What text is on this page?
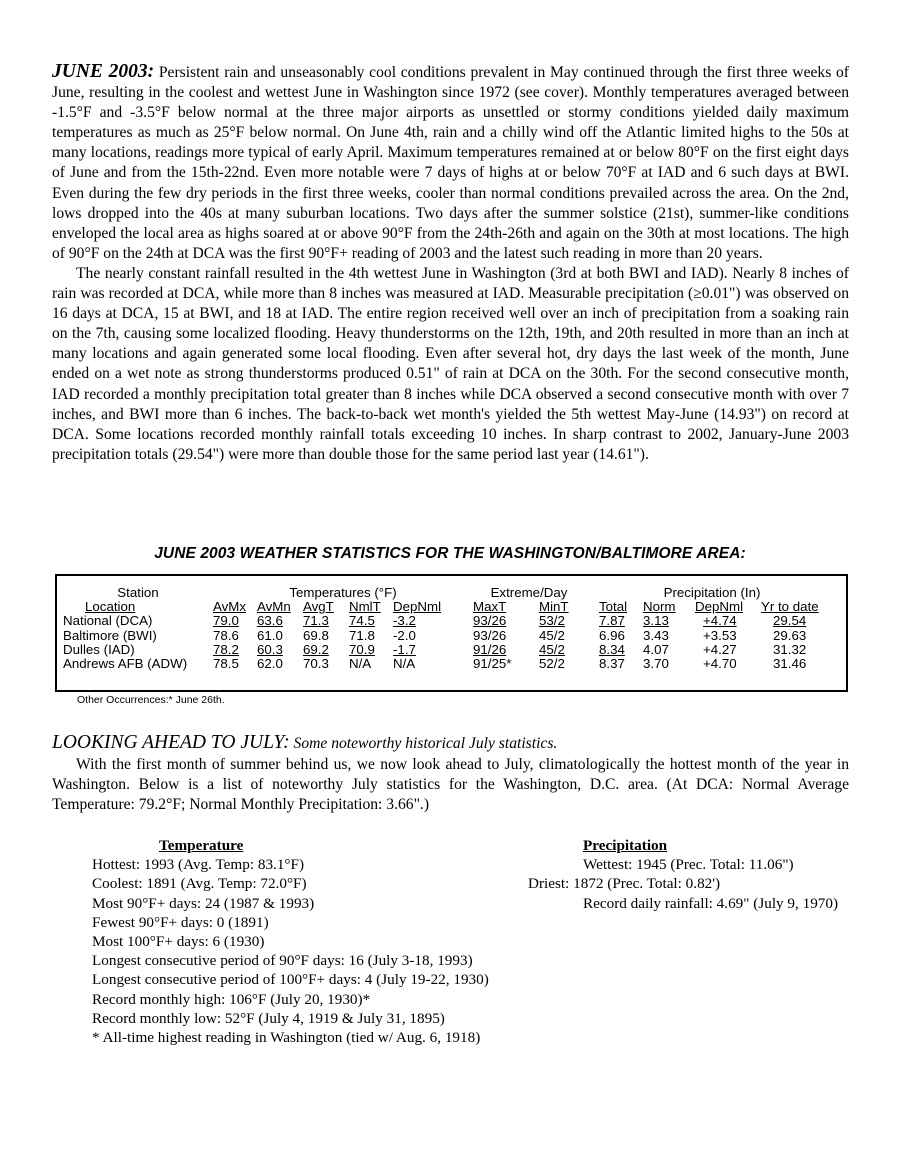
JUNE 2003: Persistent rain and unseasonably cool conditions prevalent in May continued through the first three weeks of June, resulting in the coolest and wettest June in Washington since 1972 (see cover). Monthly temperatures averaged between -1.5°F and -3.5°F below normal at the three major airports as unsettled or stormy conditions yielded daily maximum temperatures as much as 25°F below normal. On June 4th, rain and a chilly wind off the Atlantic limited highs to the 50s at many locations, readings more typical of early April. Maximum temperatures remained at or below 80°F on the first eight days of June and from the 15th-22nd. Even more notable were 7 days of highs at or below 70°F at IAD and 6 such days at BWI. Even during the few dry periods in the first three weeks, cooler than normal conditions prevailed across the area. On the 2nd, lows dropped into the 40s at many suburban locations. Two days after the summer solstice (21st), summer-like conditions enveloped the local area as highs soared at or above 90°F from the 24th-26th and again on the 30th at most locations. The high of 90°F on the 24th at DCA was the first 90°F+ reading of 2003 and the latest such reading in more than 20 years.

The nearly constant rainfall resulted in the 4th wettest June in Washington (3rd at both BWI and IAD). Nearly 8 inches of rain was recorded at DCA, while more than 8 inches was measured at IAD. Measurable precipitation (≥0.01") was observed on 16 days at DCA, 15 at BWI, and 18 at IAD. The entire region received well over an inch of precipitation from a soaking rain on the 7th, causing some localized flooding. Heavy thunderstorms on the 12th, 19th, and 20th resulted in more than an inch at many locations and again generated some local flooding. Even after several hot, dry days the last week of the month, June ended on a wet note as strong thunderstorms produced 0.51" of rain at DCA on the 30th. For the second consecutive month, IAD recorded a monthly precipitation total greater than 8 inches while DCA observed a second consecutive month with over 7 inches, and BWI more than 6 inches. The back-to-back wet month's yielded the 5th wettest May-June (14.93") on record at DCA. Some locations recorded monthly rainfall totals exceeding 10 inches. In sharp contrast to 2002, January-June 2003 precipitation totals (29.54") were more than double those for the same period last year (14.61").

JUNE 2003 WEATHER STATISTICS FOR THE WASHINGTON/BALTIMORE AREA:
Station	Temperatures (°F)					Extreme/Day		Precipitation (In)			
Location	AvMx	AvMn	AvgT	NmlT	DepNml	MaxT	MinT	Total	Norm	DepNml	Yr to date
National (DCA)	79.0	63.6	71.3	74.5	-3.2	93/26	53/2	7.87	3.13	+4.74	29.54
Baltimore (BWI)	78.6	61.0	69.8	71.8	-2.0	93/26	45/2	6.96	3.43	+3.53	29.63
Dulles (IAD)	78.2	60.3	69.2	70.9	-1.7	91/26	45/2	8.34	4.07	+4.27	31.32
Andrews AFB (ADW)	78.5	62.0	70.3	N/A	N/A	91/25*	52/2	8.37	3.70	+4.70	31.46
Other Occurrences:* June 26th.

LOOKING AHEAD TO JULY: Some noteworthy historical July statistics.

With the first month of summer behind us, we now look ahead to July, climatologically the hottest month of the year in Washington. Below is a list of noteworthy July statistics for the Washington, D.C. area. (At DCA: Normal Average Temperature: 79.2°F; Normal Monthly Precipitation: 3.66".)

Temperature
Hottest: 1993 (Avg. Temp: 83.1°F)
Coolest: 1891 (Avg. Temp: 72.0°F)
Most 90°F+ days: 24 (1987 & 1993)
Fewest 90°F+ days: 0 (1891)
Most 100°F+ days: 6 (1930)
Longest consecutive period of 90°F days: 16 (July 3-18, 1993)
Longest consecutive period of 100°F+ days: 4 (July 19-22, 1930)
Record monthly high: 106°F (July 20, 1930)*
Record monthly low: 52°F (July 4, 1919 & July 31, 1895)
* All-time highest reading in Washington (tied w/ Aug. 6, 1918)
Precipitation
Wettest: 1945 (Prec. Total: 11.06")
Driest: 1872 (Prec. Total: 0.82')
Record daily rainfall: 4.69" (July 9, 1970)
